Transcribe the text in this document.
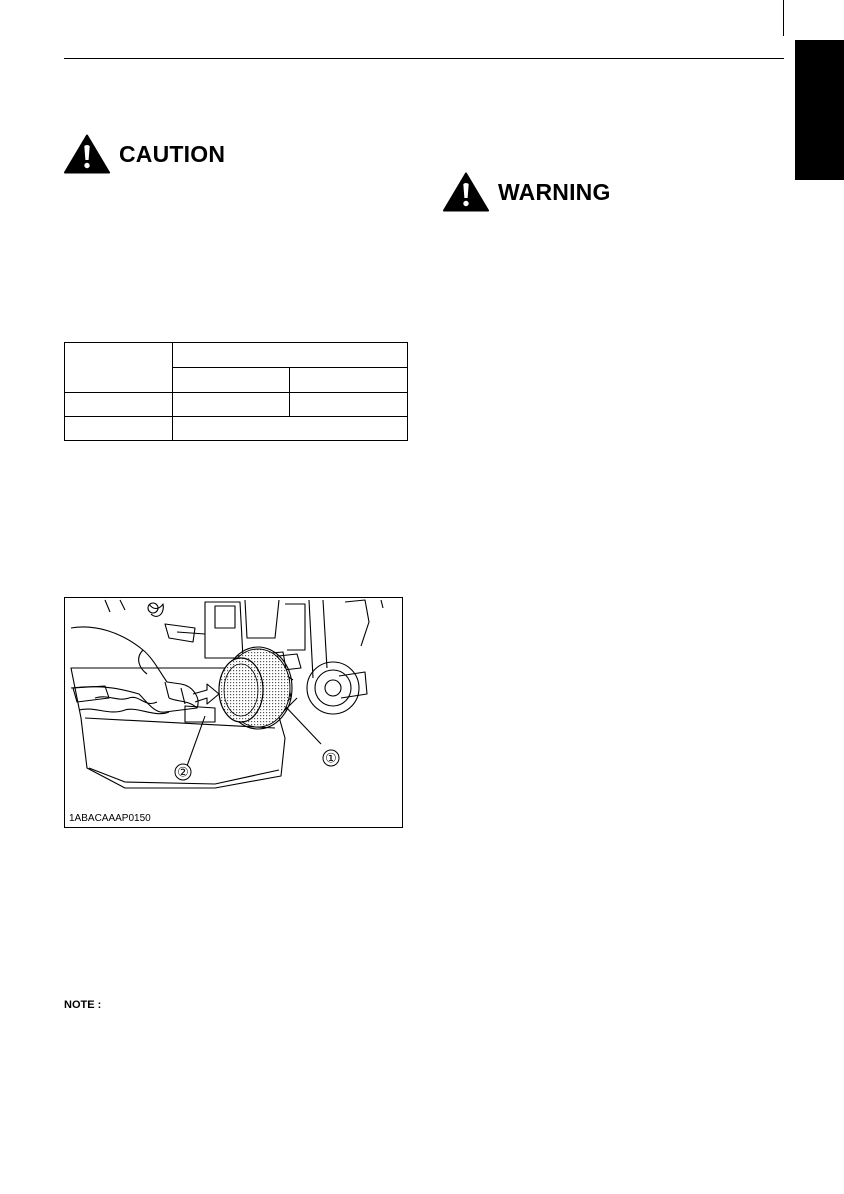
CAUTION
WARNING

①
②
1ABACAAAP0150
NOTE :
